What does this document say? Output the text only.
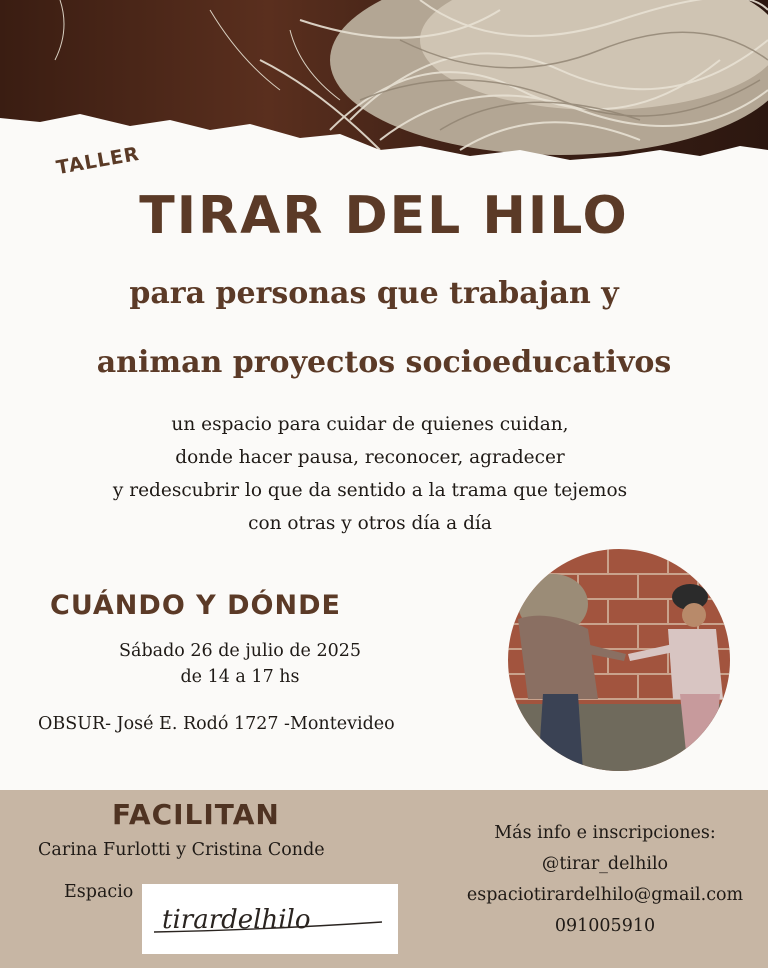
TALLER
TIRAR DEL HILO
para personas que trabajan y
animan proyectos socioeducativos
un espacio para cuidar de quienes cuidan,
donde hacer pausa, reconocer, agradecer
y redescubrir lo que da sentido a la trama que tejemos
con otras y otros día a día
CUÁNDO Y DÓNDE
Sábado 26 de julio de 2025
de 14 a 17 hs
OBSUR- José E. Rodó 1727 -Montevideo
FACILITAN
Carina Furlotti y Cristina Conde
Espacio
tirardelhilo
Más info e inscripciones:
@tirar_delhilo
espaciotirardelhilo@gmail.com
091005910
